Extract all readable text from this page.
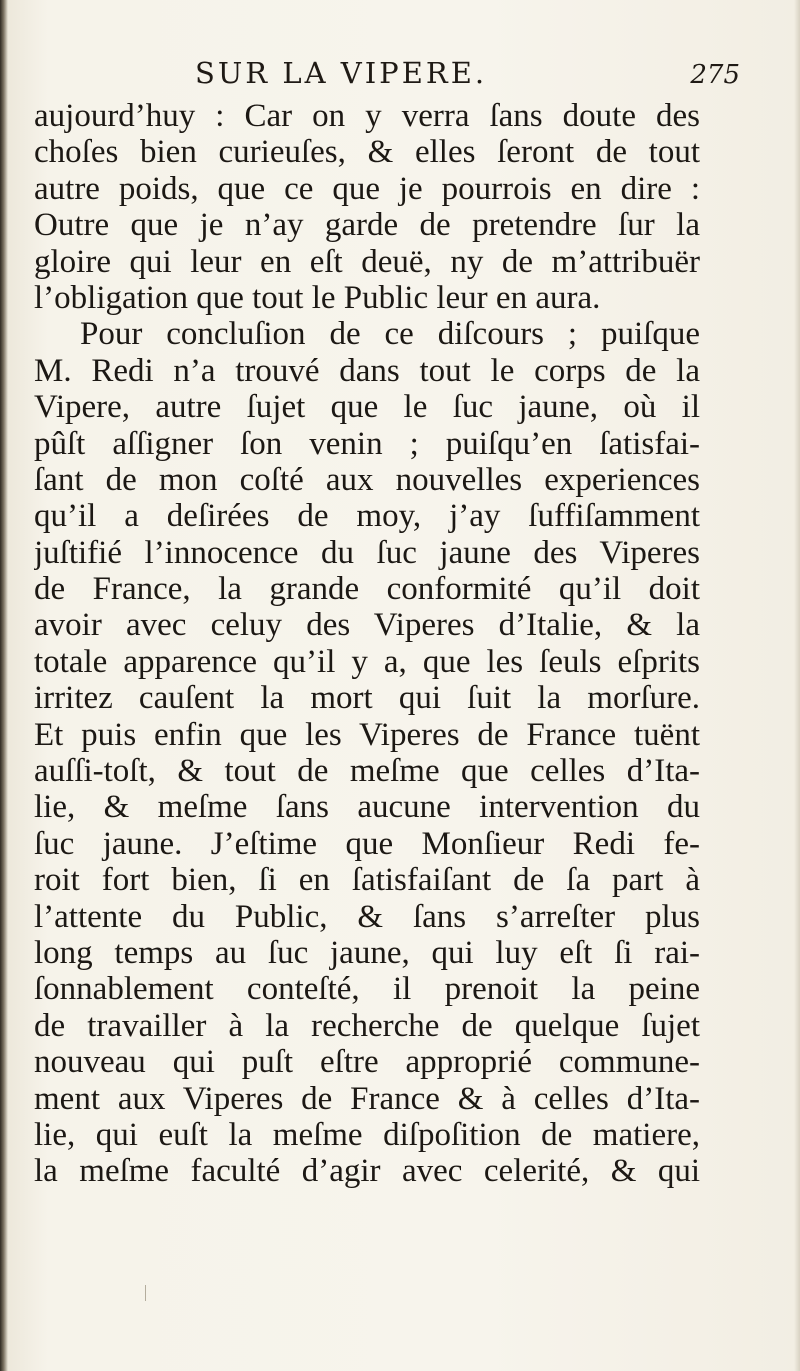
SUR LA VIPERE.	275
aujourd’huy : Car on y verra ſans doute des
choſes bien curieuſes, & elles ſeront de tout
autre poids, que ce que je pourrois en dire :
Outre que je n’ay garde de pretendre ſur la
gloire qui leur en eſt deuë, ny de m’attribuër
l’obligation que tout le Public leur en aura.
Pour concluſion de ce diſcours ; puiſque
M. Redi n’a trouvé dans tout le corps de la
Vipere, autre ſujet que le ſuc jaune, où il
pûſt aſſigner ſon venin ; puiſqu’en ſatisfai-
ſant de mon coſté aux nouvelles experiences
qu’il a deſirées de moy, j’ay ſuffiſamment
juſtifié l’innocence du ſuc jaune des Viperes
de France, la grande conformité qu’il doit
avoir avec celuy des Viperes d’Italie, & la
totale apparence qu’il y a, que les ſeuls eſprits
irritez cauſent la mort qui ſuit la morſure.
Et puis enfin que les Viperes de France tuënt
auſſi-toſt, & tout de meſme que celles d’Ita-
lie, & meſme ſans aucune intervention du
ſuc jaune. J’eſtime que Monſieur Redi fe-
roit fort bien, ſi en ſatisfaiſant de ſa part à
l’attente du Public, & ſans s’arreſter plus
long temps au ſuc jaune, qui luy eſt ſi rai-
ſonnablement conteſté, il prenoit la peine
de travailler à la recherche de quelque ſujet
nouveau qui puſt eſtre approprié commune-
ment aux Viperes de France & à celles d’Ita-
lie, qui euſt la meſme diſpoſition de matiere,
la meſme faculté d’agir avec celerité, & qui
